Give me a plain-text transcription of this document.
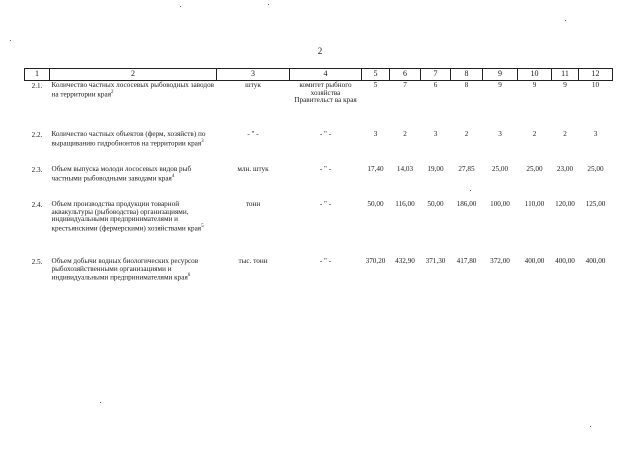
2
1	2	3	4	5	6	7	8	9	10	11	12
2.1.	Количество частных лососевых рыбоводных заводов на территории края$^2$	штук	комитет рыбного хозяйства Правительст ва края	5	7	6	8	9	9	9	10
2.2.	Количество частных объектов (ферм, хозяйств) по выращиванию гидробионтов на территории края$^3$	- " -	- " -	3	2	3	2	3	2	2	3
2.3.	Объем выпуска молоди лососевых видов рыб частными рыбоводными заводами края$^4$	млн. штук	- " -	17,40	14,03	19,00	27,85	25,00	25,00	23,00	25,00
2.4.	Объем производства продукции товарной аквакультуры (рыбоводства) организациями, индивидуальными предпринимателями и крестьянскими (фермерскими) хозяйствами края$^5$	тонн	- " -	50,00	116,00	50,00	186,00	100,00	110,00	120,00	125,00
2.5.	Объем добычи водных биологических ресурсов рыбохозяйственными организациями и индивидуальными предпринимателями края$^6$	тыс. тонн	- " -	370,20	432,90	371,30	417,80	372,00	400,00	400,00	400,00
